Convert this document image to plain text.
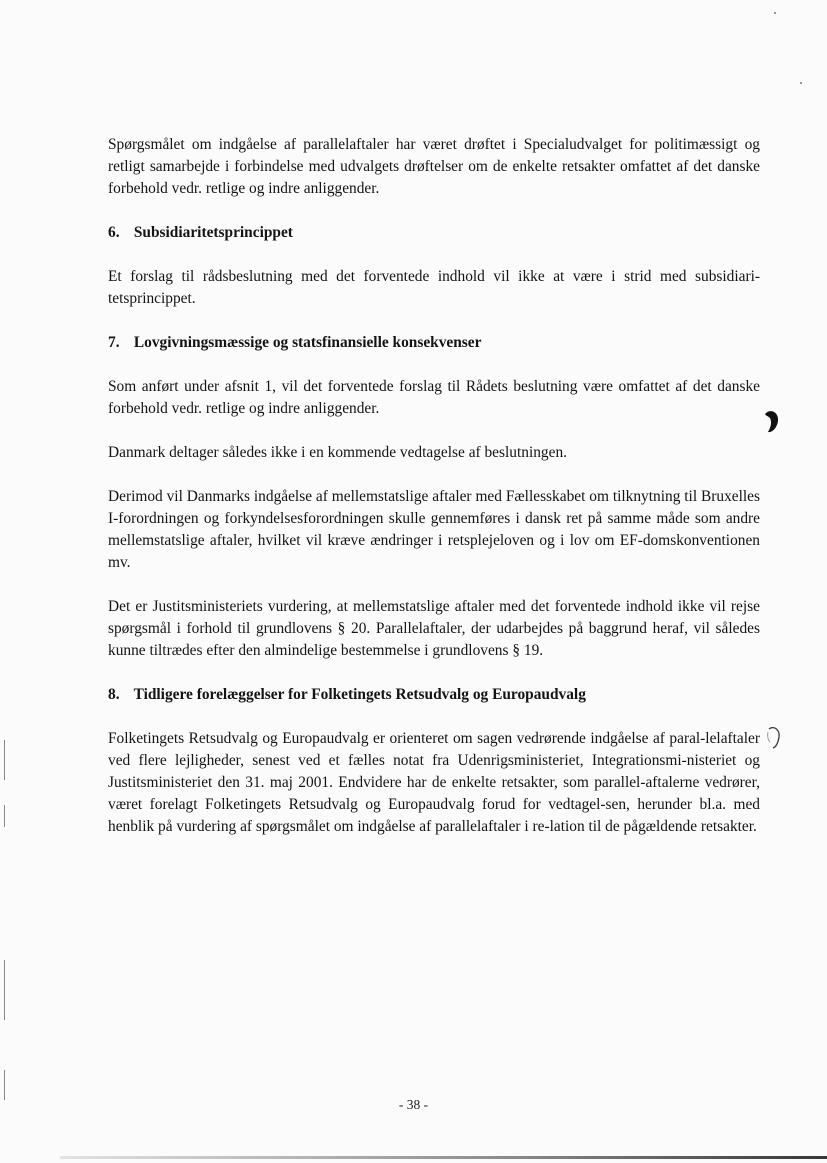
Spørgsmålet om indgåelse af parallelaftaler har været drøftet i Specialudvalget for politimæssigt og retligt samarbejde i forbindelse med udvalgets drøftelser om de enkelte retsakter omfattet af det danske forbehold vedr. retlige og indre anliggender.

6. Subsidiaritetsprincippet

Et forslag til rådsbeslutning med det forventede indhold vil ikke at være i strid med subsidiari-tetsprincippet.

7. Lovgivningsmæssige og statsfinansielle konsekvenser

Som anført under afsnit 1, vil det forventede forslag til Rådets beslutning være omfattet af det danske forbehold vedr. retlige og indre anliggender.

Danmark deltager således ikke i en kommende vedtagelse af beslutningen.

Derimod vil Danmarks indgåelse af mellemstatslige aftaler med Fællesskabet om tilknytning til Bruxelles I-forordningen og forkyndelsesforordningen skulle gennemføres i dansk ret på samme måde som andre mellemstatslige aftaler, hvilket vil kræve ændringer i retsplejeloven og i lov om EF-domskonventionen mv.

Det er Justitsministeriets vurdering, at mellemstatslige aftaler med det forventede indhold ikke vil rejse spørgsmål i forhold til grundlovens § 20. Parallelaftaler, der udarbejdes på baggrund heraf, vil således kunne tiltrædes efter den almindelige bestemmelse i grundlovens § 19.

8. Tidligere forelæggelser for Folketingets Retsudvalg og Europaudvalg

Folketingets Retsudvalg og Europaudvalg er orienteret om sagen vedrørende indgåelse af paral-lelaftaler ved flere lejligheder, senest ved et fælles notat fra Udenrigsministeriet, Integrationsmi-nisteriet og Justitsministeriet den 31. maj 2001. Endvidere har de enkelte retsakter, som parallel-aftalerne vedrører, været forelagt Folketingets Retsudvalg og Europaudvalg forud for vedtagel-sen, herunder bl.a. med henblik på vurdering af spørgsmålet om indgåelse af parallelaftaler i re-lation til de pågældende retsakter.

- 38 -
